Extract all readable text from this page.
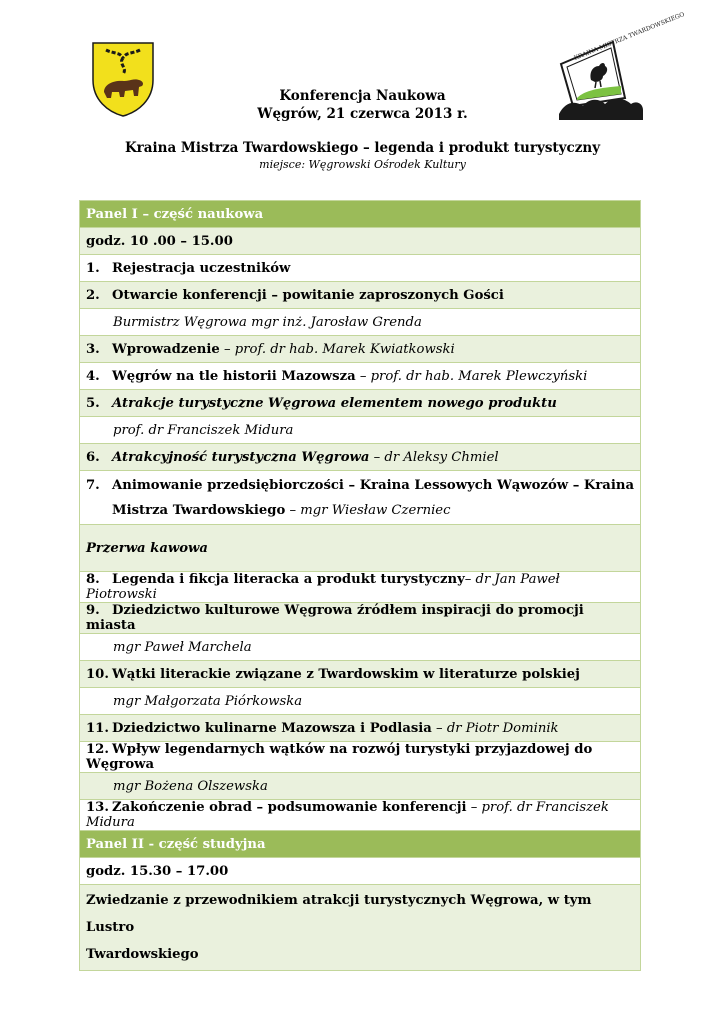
KRAINA MISTRZA TWARDOWSKIEGO
Konferencja Naukowa
Węgrów, 21 czerwca 2013 r.
Kraina Mistrza Twardowskiego – legenda i produkt turystyczny
miejsce: Węgrowski Ośrodek Kultury
Panel I – część naukowa
godz. 10 .00 – 15.00
1. Rejestracja uczestników
2. Otwarcie konferencji – powitanie zaproszonych Gości
Burmistrz Węgrowa mgr inż. Jarosław Grenda
3. Wprowadzenie – prof. dr hab. Marek Kwiatkowski
4. Węgrów na tle historii Mazowsza – prof. dr hab. Marek Plewczyński
5. Atrakcje turystyczne Węgrowa elementem nowego produktu
prof. dr Franciszek Midura
6. Atrakcyjność turystyczna Węgrowa – dr Aleksy Chmiel

7. Animowanie przedsiębiorczości – Kraina Lessowych Wąwozów – Kraina
Mistrza Twardowskiego – mgr Wiesław Czerniec

Przerwa kawowa
8. Legenda i fikcja literacka a produkt turystyczny– dr Jan Paweł Piotrowski
9. Dziedzictwo kulturowe Węgrowa źródłem inspiracji do promocji miasta
mgr Paweł Marchela
10. Wątki literackie związane z Twardowskim w literaturze polskiej
mgr Małgorzata Piórkowska
11. Dziedzictwo kulinarne Mazowsza i Podlasia – dr Piotr Dominik
12. Wpływ legendarnych wątków na rozwój turystyki przyjazdowej do Węgrowa
mgr Bożena Olszewska
13. Zakończenie obrad – podsumowanie konferencji – prof. dr Franciszek Midura
Panel II - część studyjna
godz. 15.30 – 17.00

Zwiedzanie z przewodnikiem atrakcji turystycznych Węgrowa, w tym Lustro
Twardowskiego
